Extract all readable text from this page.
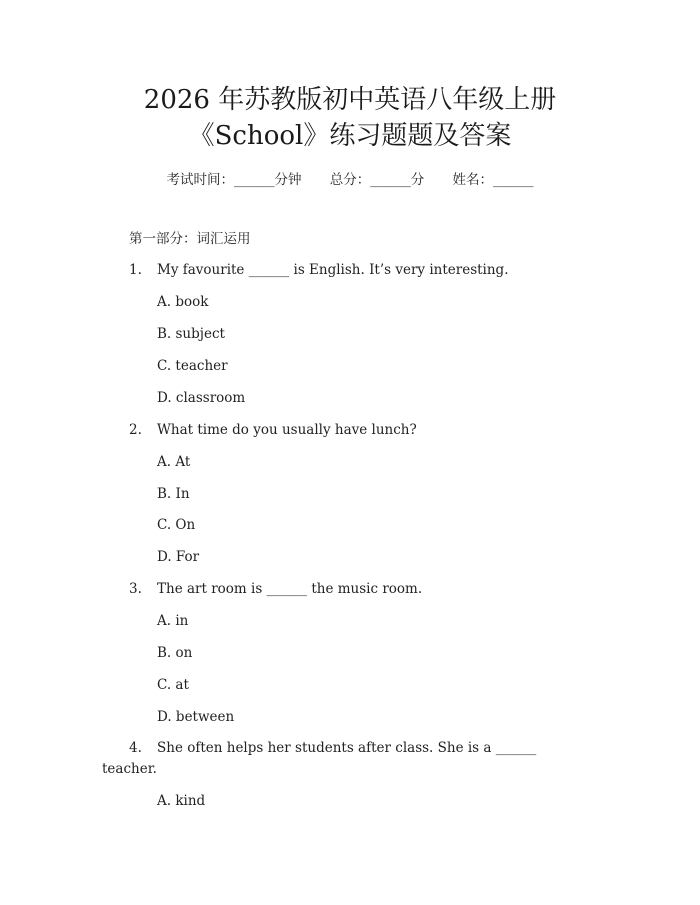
2026 年苏教版初中英语八年级上册
《School》练习题题及答案
考试时间：______分钟 总分：______分 姓名：______
第一部分：词汇运用
1. My favourite ______ is English. It’s very interesting.
A. book
B. subject
C. teacher
D. classroom
2. What time do you usually have lunch?
A. At
B. In
C. On
D. For
3. The art room is ______ the music room.
A. in
B. on
C. at
D. between
4. She often helps her students after class. She is a ______
teacher.
A. kind
